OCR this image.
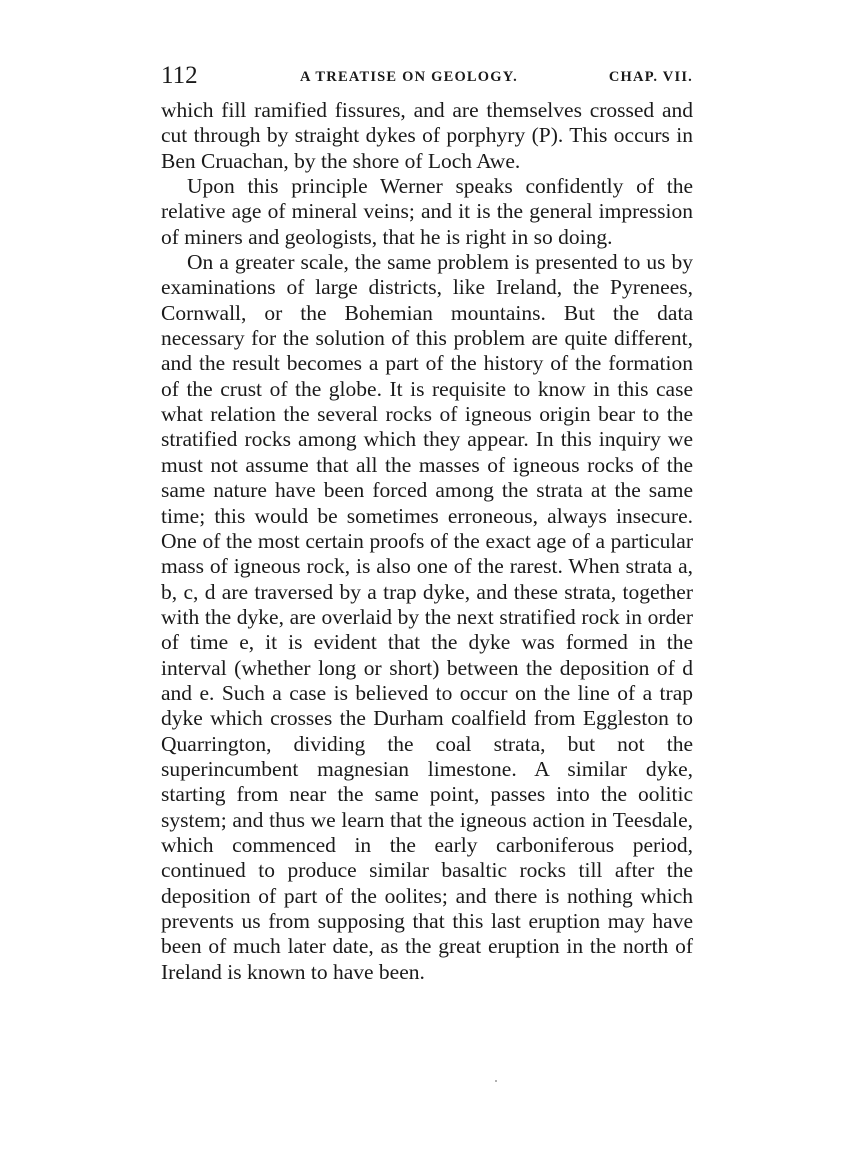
112	A TREATISE ON GEOLOGY.	CHAP. VII.

which fill ramified fissures, and are themselves crossed and cut through by straight dykes of porphyry (P). This occurs in Ben Cruachan, by the shore of Loch Awe.

Upon this principle Werner speaks confidently of the relative age of mineral veins; and it is the general impression of miners and geologists, that he is right in so doing.

On a greater scale, the same problem is presented to us by examinations of large districts, like Ireland, the Pyrenees, Cornwall, or the Bohemian mountains. But the data necessary for the solution of this problem are quite different, and the result becomes a part of the history of the formation of the crust of the globe. It is requisite to know in this case what relation the several rocks of igneous origin bear to the stratified rocks among which they appear. In this inquiry we must not assume that all the masses of igneous rocks of the same nature have been forced among the strata at the same time; this would be sometimes erroneous, always insecure. One of the most certain proofs of the exact age of a particular mass of igneous rock, is also one of the rarest. When strata a, b, c, d are traversed by a trap dyke, and these strata, together with the dyke, are overlaid by the next stratified rock in order of time e, it is evident that the dyke was formed in the interval (whether long or short) between the deposition of d and e. Such a case is believed to occur on the line of a trap dyke which crosses the Durham coalfield from Eggleston to Quarrington, dividing the coal strata, but not the superincumbent magnesian limestone. A similar dyke, starting from near the same point, passes into the oolitic system; and thus we learn that the igneous action in Teesdale, which commenced in the early carboniferous period, continued to produce similar basaltic rocks till after the deposition of part of the oolites; and there is nothing which prevents us from supposing that this last eruption may have been of much later date, as the great eruption in the north of Ireland is known to have been.
